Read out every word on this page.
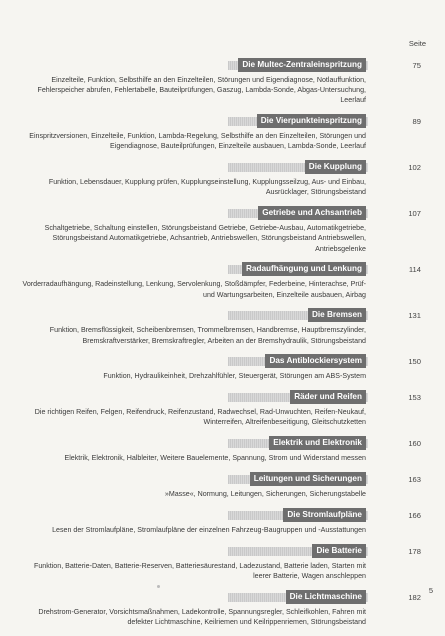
Seite
Die Multec-Zentraleinspritzung	75
Einzelteile, Funktion, Selbsthilfe an den Einzelteilen, Störungen und Eigendiagnose, Notlauffunktion, Fehlerspeicher abrufen, Fehlertabelle, Bauteilprüfungen, Gaszug, Lambda-Sonde, Abgas-Untersuchung, Leerlauf
Die Vierpunkteinspritzung	89
Einspritzversionen, Einzelteile, Funktion, Lambda-Regelung, Selbsthilfe an den Einzelteilen, Störungen und Eigendiagnose, Bauteilprüfungen, Einzelteile ausbauen, Lambda-Sonde, Leerlauf
Die Kupplung	102
Funktion, Lebensdauer, Kupplung prüfen, Kupplungseinstellung, Kupplungsseilzug, Aus- und Einbau, Ausrücklager, Störungsbeistand
Getriebe und Achsantrieb	107
Schaltgetriebe, Schaltung einstellen, Störungsbeistand Getriebe, Getriebe-Ausbau, Automatikgetriebe, Störungsbeistand Automatikgetriebe, Achsantrieb, Antriebswellen, Störungsbeistand Antriebswellen, Antriebsgelenke
Radaufhängung und Lenkung	114
Vorderradaufhängung, Radeinstellung, Lenkung, Servolenkung, Stoßdämpfer, Federbeine, Hinterachse, Prüf- und Wartungsarbeiten, Einzelteile ausbauen, Airbag
Die Bremsen	131
Funktion, Bremsflüssigkeit, Scheibenbremsen, Trommelbremsen, Handbremse, Hauptbremszylinder, Bremskraftverstärker, Bremskraftregler, Arbeiten an der Bremshydraulik, Störungsbeistand
Das Antiblockiersystem	150
Funktion, Hydraulikeinheit, Drehzahlfühler, Steuergerät, Störungen am ABS-System
Räder und Reifen	153
Die richtigen Reifen, Felgen, Reifendruck, Reifenzustand, Radwechsel, Rad-Unwuchten, Reifen-Neukauf, Winterreifen, Altreifenbeseitigung, Gleitschutzketten
Elektrik und Elektronik	160
Elektrik, Elektronik, Halbleiter, Weitere Bauelemente, Spannung, Strom und Widerstand messen
Leitungen und Sicherungen	163
»Masse«, Normung, Leitungen, Sicherungen, Sicherungstabelle
Die Stromlaufpläne	166
Lesen der Stromlaufpläne, Stromlaufpläne der einzelnen Fahrzeug-Baugruppen und -Ausstattungen
Die Batterie	178
Funktion, Batterie-Daten, Batterie-Reserven, Batteriesäurestand, Ladezustand, Batterie laden, Starten mit leerer Batterie, Wagen anschleppen
Die Lichtmaschine	182
Drehstrom-Generator, Vorsichtsmaßnahmen, Ladekontrolle, Spannungsregler, Schleifkohlen, Fahren mit defekter Lichtmaschine, Keilriemen und Keilrippenriemen, Störungsbeistand
5
